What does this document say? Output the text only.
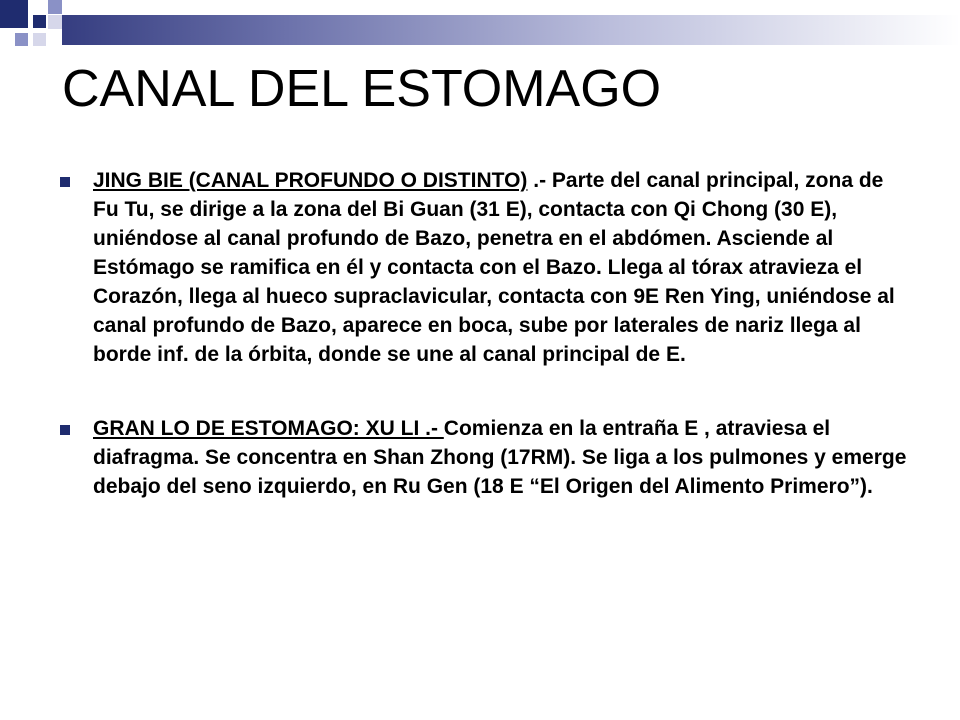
CANAL DEL ESTOMAGO
JING BIE (CANAL PROFUNDO O DISTINTO) .- Parte del canal principal, zona de Fu Tu, se dirige a la zona del Bi Guan (31 E), contacta con Qi Chong (30 E), uniéndose al canal profundo de Bazo, penetra en el abdómen. Asciende al Estómago se ramifica en él y contacta con el Bazo. Llega al tórax atravieza el Corazón, llega al hueco supraclavicular, contacta con 9E Ren Ying, uniéndose al canal profundo de Bazo, aparece en boca, sube por laterales de nariz llega al borde inf. de la órbita, donde se une al canal principal de E.
GRAN LO DE ESTOMAGO: XU LI .- Comienza en la entraña E , atraviesa el diafragma. Se concentra en Shan Zhong (17RM). Se liga a los pulmones y emerge debajo del seno izquierdo, en Ru Gen (18 E “El Origen del Alimento Primero”).
